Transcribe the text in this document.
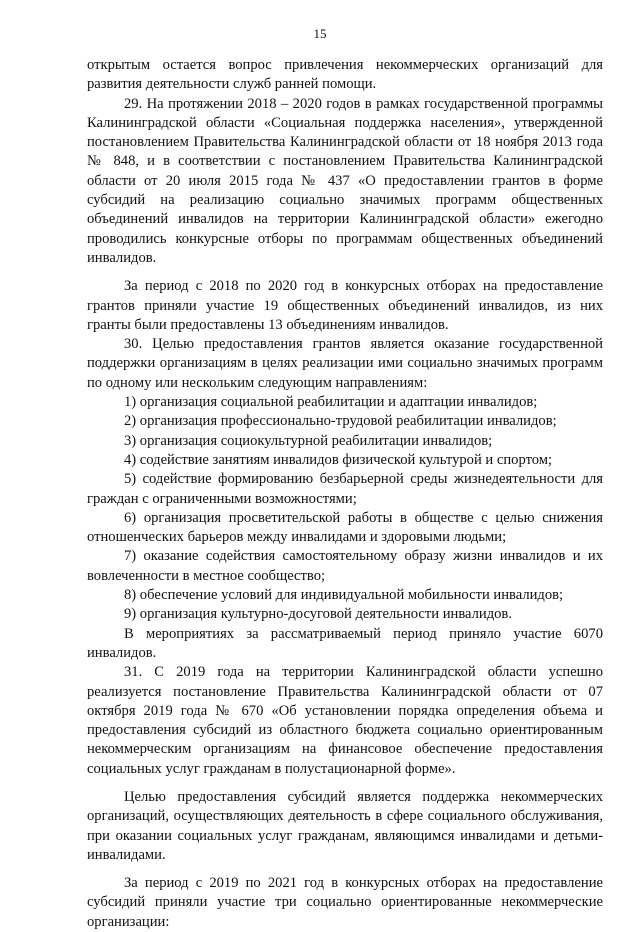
15

открытым остается вопрос привлечения некоммерческих организаций для развития деятельности служб ранней помощи.

29. На протяжении 2018 – 2020 годов в рамках государственной программы Калининградской области «Социальная поддержка населения», утвержденной постановлением Правительства Калининградской области от 18 ноября 2013 года № 848, и в соответствии с постановлением Правительства Калининградской области от 20 июля 2015 года № 437 «О предоставлении грантов в форме субсидий на реализацию социально значимых программ общественных объединений инвалидов на территории Калининградской области» ежегодно проводились конкурсные отборы по программам общественных объединений инвалидов.

За период с 2018 по 2020 год в конкурсных отборах на предоставление грантов приняли участие 19 общественных объединений инвалидов, из них гранты были предоставлены 13 объединениям инвалидов.

30. Целью предоставления грантов является оказание государственной поддержки организациям в целях реализации ими социально значимых программ по одному или нескольким следующим направлениям:

1) организация социальной реабилитации и адаптации инвалидов;

2) организация профессионально-трудовой реабилитации инвалидов;

3) организация социокультурной реабилитации инвалидов;

4) содействие занятиям инвалидов физической культурой и спортом;

5) содействие формированию безбарьерной среды жизнедеятельности для граждан с ограниченными возможностями;

6) организация просветительской работы в обществе с целью снижения отношенческих барьеров между инвалидами и здоровыми людьми;

7) оказание содействия самостоятельному образу жизни инвалидов и их вовлеченности в местное сообщество;

8) обеспечение условий для индивидуальной мобильности инвалидов;

9) организация культурно-досуговой деятельности инвалидов.

В мероприятиях за рассматриваемый период приняло участие 6070 инвалидов.

31. С 2019 года на территории Калининградской области успешно реализуется постановление Правительства Калининградской области от 07 октября 2019 года № 670 «Об установлении порядка определения объема и предоставления субсидий из областного бюджета социально ориентированным некоммерческим организациям на финансовое обеспечение предоставления социальных услуг гражданам в полустационарной форме».

Целью предоставления субсидий является поддержка некоммерческих организаций, осуществляющих деятельность в сфере социального обслуживания, при оказании социальных услуг гражданам, являющимся инвалидами и детьми-инвалидами.

За период с 2019 по 2021 год в конкурсных отборах на предоставление субсидий приняли участие три социально ориентированные некоммерческие организации:
